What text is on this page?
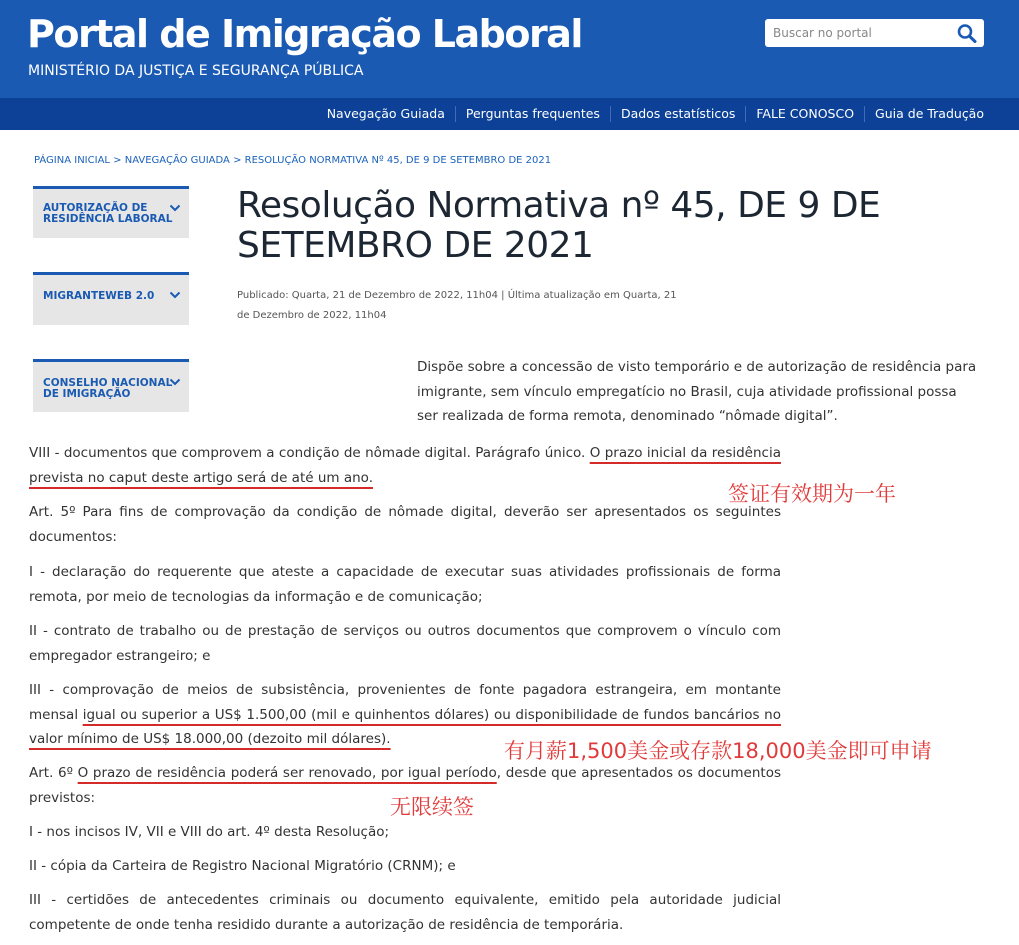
Portal de Imigração Laboral
MINISTÉRIO DA JUSTIÇA E SEGURANÇA PÚBLICA
Buscar no portal
Navegação Guiada	Perguntas frequentes	Dados estatísticos	FALE CONOSCO	Guia de Tradução
PÁGINA INICIAL > NAVEGAÇÃO GUIADA > RESOLUÇÃO NORMATIVA Nº 45, DE 9 DE SETEMBRO DE 2021
AUTORIZAÇÃO DE RESIDÊNCIA LABORAL
MIGRANTEWEB 2.0
CONSELHO NACIONAL DE IMIGRAÇÃO
Resolução Normativa nº 45, DE 9 DE SETEMBRO DE 2021
Publicado: Quarta, 21 de Dezembro de 2022, 11h04 | Última atualização em Quarta, 21 de Dezembro de 2022, 11h04
Dispõe sobre a concessão de visto temporário e de autorização de residência para imigrante, sem vínculo empregatício no Brasil, cuja atividade profissional possa ser realizada de forma remota, denominado “nômade digital”.
VIII - documentos que comprovem a condição de nômade digital. Parágrafo único. O prazo inicial da residência prevista no caput deste artigo será de até um ano.
Art. 5º Para fins de comprovação da condição de nômade digital, deverão ser apresentados os seguintes documentos:
I - declaração do requerente que ateste a capacidade de executar suas atividades profissionais de forma remota, por meio de tecnologias da informação e de comunicação;
II - contrato de trabalho ou de prestação de serviços ou outros documentos que comprovem o vínculo com empregador estrangeiro; e
III - comprovação de meios de subsistência, provenientes de fonte pagadora estrangeira, em montante mensal igual ou superior a US$ 1.500,00 (mil e quinhentos dólares) ou disponibilidade de fundos bancários no valor mínimo de US$ 18.000,00 (dezoito mil dólares).
Art. 6º O prazo de residência poderá ser renovado, por igual período, desde que apresentados os documentos previstos:
I - nos incisos IV, VII e VIII do art. 4º desta Resolução;
II - cópia da Carteira de Registro Nacional Migratório (CRNM); e
III - certidões de antecedentes criminais ou documento equivalente, emitido pela autoridade judicial competente de onde tenha residido durante a autorização de residência de temporária.
签证有效期为一年
有月薪1,500美金或存款18,000美金即可申请
无限续签
